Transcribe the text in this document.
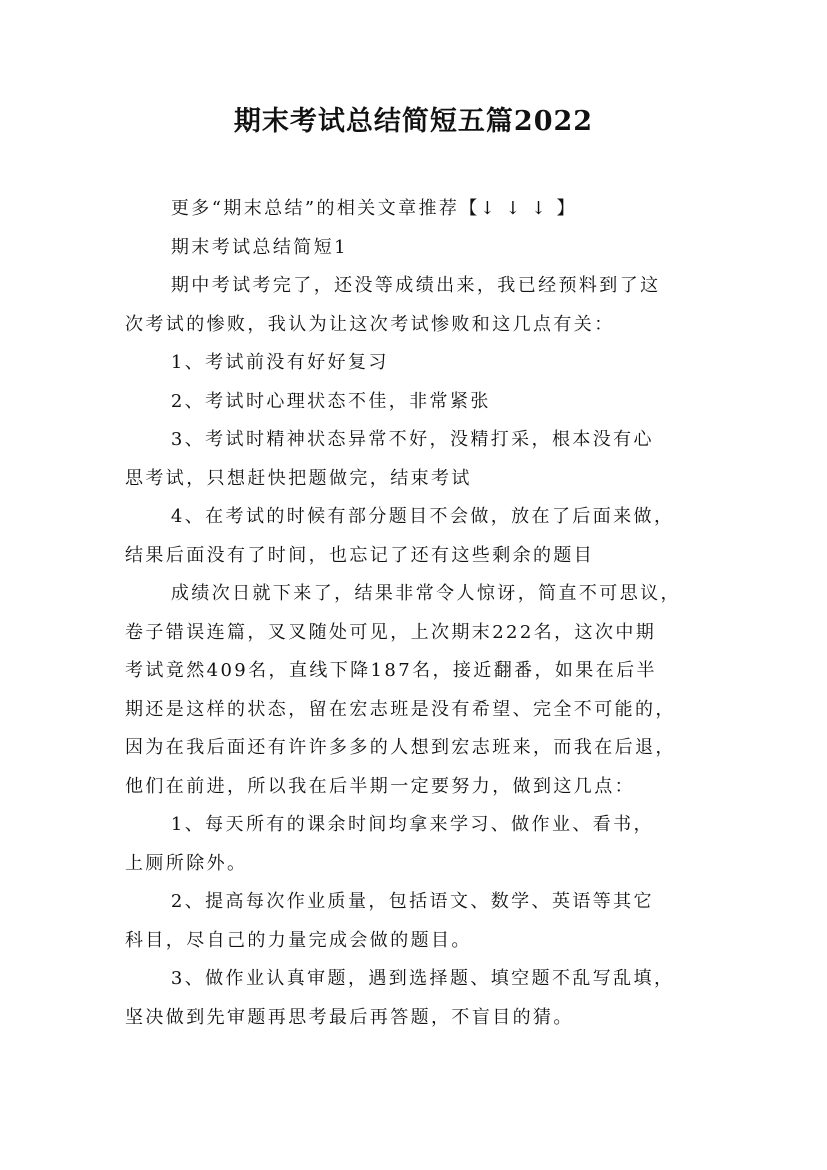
期末考试总结简短五篇2022

更多“期末总结”的相关文章推荐【↓ ↓ ↓ 】

期末考试总结简短1

期中考试考完了，还没等成绩出来，我已经预料到了这

次考试的惨败，我认为让这次考试惨败和这几点有关：

1、考试前没有好好复习

2、考试时心理状态不佳，非常紧张

3、考试时精神状态异常不好，没精打采，根本没有心

思考试，只想赶快把题做完，结束考试

4、在考试的时候有部分题目不会做，放在了后面来做，

结果后面没有了时间，也忘记了还有这些剩余的题目

成绩次日就下来了，结果非常令人惊讶，简直不可思议，

卷子错误连篇，叉叉随处可见，上次期末222名，这次中期

考试竟然409名，直线下降187名，接近翻番，如果在后半

期还是这样的状态，留在宏志班是没有希望、完全不可能的，

因为在我后面还有许许多多的人想到宏志班来，而我在后退，

他们在前进，所以我在后半期一定要努力，做到这几点：

1、每天所有的课余时间均拿来学习、做作业、看书，

上厕所除外。

2、提高每次作业质量，包括语文、数学、英语等其它

科目，尽自己的力量完成会做的题目。

3、做作业认真审题，遇到选择题、填空题不乱写乱填，

坚决做到先审题再思考最后再答题，不盲目的猜。
